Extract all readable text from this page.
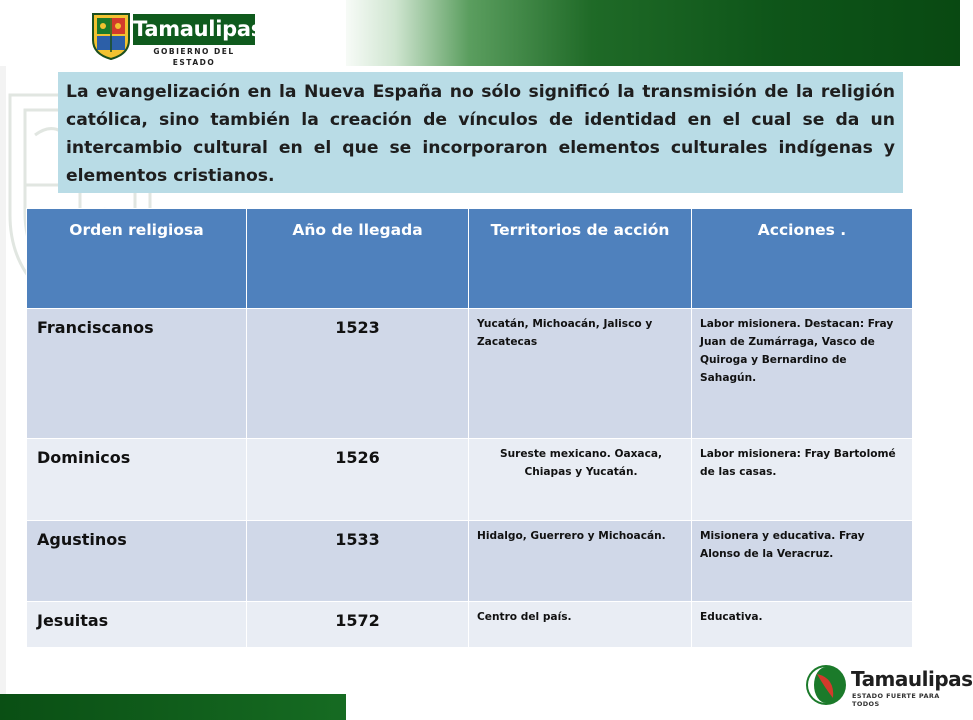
Tamaulipas
GOBIERNO DEL ESTADO
La evangelización en la Nueva España no sólo significó la transmisión de la religión católica, sino también la creación de vínculos de identidad en el cual se da un intercambio cultural en el que se incorporaron elementos culturales indígenas y elementos cristianos.
Orden religiosa	Año de llegada	Territorios de acción	Acciones .
Franciscanos	1523	Yucatán, Michoacán, Jalisco y Zacatecas	Labor misionera. Destacan: Fray Juan de Zumárraga, Vasco de Quiroga y Bernardino de Sahagún.
Dominicos	1526	Sureste mexicano. Oaxaca, Chiapas y Yucatán.	Labor misionera: Fray Bartolomé de las casas.
Agustinos	1533	Hidalgo, Guerrero y Michoacán.	Misionera y educativa. Fray Alonso de la Veracruz.
Jesuitas	1572	Centro del país.	Educativa.
Tamaulipas
ESTADO FUERTE PARA TODOS
